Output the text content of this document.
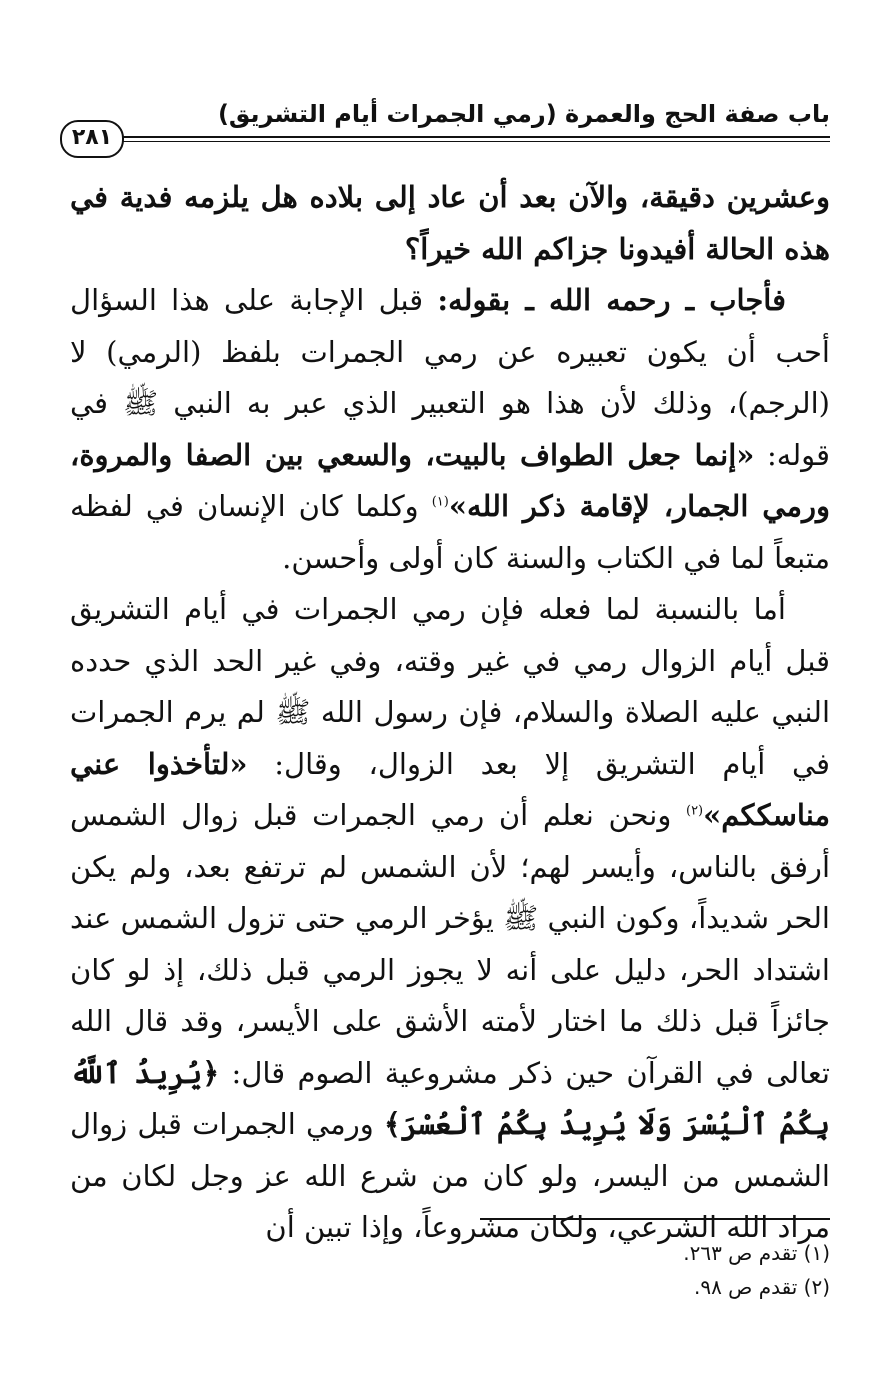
باب صفة الحج والعمرة (رمي الجمرات أيام التشريق)
٢٨١

وعشرين دقيقة، والآن بعد أن عاد إلى بلاده هل يلزمه فدية في هذه الحالة أفيدونا جزاكم الله خيراً؟

فأجاب ـ رحمه الله ـ بقوله: قبل الإجابة على هذا السؤال أحب أن يكون تعبيره عن رمي الجمرات بلفظ (الرمي) لا (الرجم)، وذلك لأن هذا هو التعبير الذي عبر به النبي ﷺ في قوله: «إنما جعل الطواف بالبيت، والسعي بين الصفا والمروة، ورمي الجمار، لإقامة ذكر الله»$^{(١)}$ وكلما كان الإنسان في لفظه متبعاً لما في الكتاب والسنة كان أولى وأحسن.

أما بالنسبة لما فعله فإن رمي الجمرات في أيام التشريق قبل أيام الزوال رمي في غير وقته، وفي غير الحد الذي حدده النبي عليه الصلاة والسلام، فإن رسول الله ﷺ لم يرم الجمرات في أيام التشريق إلا بعد الزوال، وقال: «لتأخذوا عني مناسككم»$^{(٢)}$ ونحن نعلم أن رمي الجمرات قبل زوال الشمس أرفق بالناس، وأيسر لهم؛ لأن الشمس لم ترتفع بعد، ولم يكن الحر شديداً، وكون النبي ﷺ يؤخر الرمي حتى تزول الشمس عند اشتداد الحر، دليل على أنه لا يجوز الرمي قبل ذلك، إذ لو كان جائزاً قبل ذلك ما اختار لأمته الأشق على الأيسر، وقد قال الله تعالى في القرآن حين ذكر مشروعية الصوم قال: ﴿يُرِيدُ ٱللَّهُ بِكُمُ ٱلْيُسْرَ وَلَا يُرِيدُ بِكُمُ ٱلْعُسْرَ﴾ ورمي الجمرات قبل زوال الشمس من اليسر، ولو كان من شرع الله عز وجل لكان من مراد الله الشرعي، ولكان مشروعاً، وإذا تبين أن

(١) تقدم ص ٢٦٣.
(٢) تقدم ص ٩٨.
